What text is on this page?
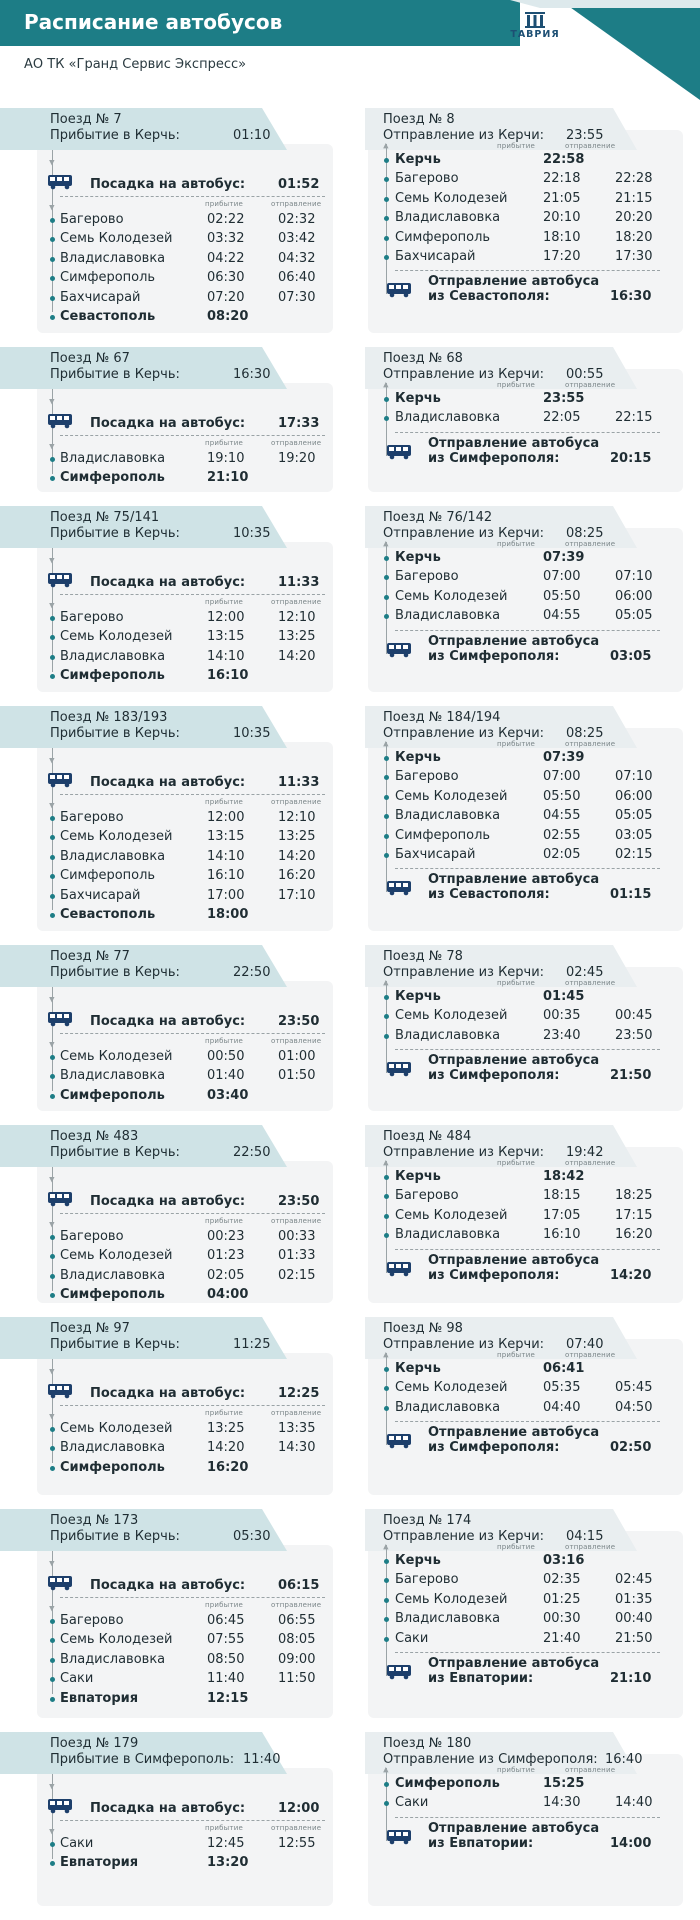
Расписание автобусов
АО ТК «Гранд Сервис Экспресс»
ТАВРИЯ
Поезд № 7
Прибытие в Керчь:	01:10
▼
Посадка на автобус:	01:52
прибытие	отправление
▼
Багерово	02:22	02:32
Семь Колодезей	03:32	03:42
Владиславовка	04:22	04:32
Симферополь	06:30	06:40
Бахчисарай	07:20	07:30
Севастополь	08:20
Поезд № 8
Отправление из Керчи: 23:55
прибытие	отправление
▲
Керчь	22:58
Багерово	22:18	22:28
Семь Колодезей	21:05	21:15
Владиславовка	20:10	20:20
Симферополь	18:10	18:20
Бахчисарай	17:20	17:30
Отправление автобуса
из Севастополя:	16:30
Поезд № 67
Прибытие в Керчь:	16:30
▼
Посадка на автобус:	17:33
прибытие	отправление
▼
Владиславовка	19:10	19:20
Симферополь	21:10
Поезд № 68
Отправление из Керчи: 00:55
прибытие	отправление
▲
Керчь	23:55
Владиславовка	22:05	22:15
Отправление автобуса
из Симферополя:	20:15
Поезд № 75/141
Прибытие в Керчь:	10:35
▼
Посадка на автобус:	11:33
прибытие	отправление
▼
Багерово	12:00	12:10
Семь Колодезей	13:15	13:25
Владиславовка	14:10	14:20
Симферополь	16:10
Поезд № 76/142
Отправление из Керчи: 08:25
прибытие	отправление
▲
Керчь	07:39
Багерово	07:00	07:10
Семь Колодезей	05:50	06:00
Владиславовка	04:55	05:05
Отправление автобуса
из Симферополя:	03:05
Поезд № 183/193
Прибытие в Керчь:	10:35
▼
Посадка на автобус:	11:33
прибытие	отправление
▼
Багерово	12:00	12:10
Семь Колодезей	13:15	13:25
Владиславовка	14:10	14:20
Симферополь	16:10	16:20
Бахчисарай	17:00	17:10
Севастополь	18:00
Поезд № 184/194
Отправление из Керчи: 08:25
прибытие	отправление
▲
Керчь	07:39
Багерово	07:00	07:10
Семь Колодезей	05:50	06:00
Владиславовка	04:55	05:05
Симферополь	02:55	03:05
Бахчисарай	02:05	02:15
Отправление автобуса
из Севастополя:	01:15
Поезд № 77
Прибытие в Керчь:	22:50
▼
Посадка на автобус:	23:50
прибытие	отправление
▼
Семь Колодезей	00:50	01:00
Владиславовка	01:40	01:50
Симферополь	03:40
Поезд № 78
Отправление из Керчи: 02:45
прибытие	отправление
▲
Керчь	01:45
Семь Колодезей	00:35	00:45
Владиславовка	23:40	23:50
Отправление автобуса
из Симферополя:	21:50
Поезд № 483
Прибытие в Керчь:	22:50
▼
Посадка на автобус:	23:50
прибытие	отправление
▼
Багерово	00:23	00:33
Семь Колодезей	01:23	01:33
Владиславовка	02:05	02:15
Симферополь	04:00
Поезд № 484
Отправление из Керчи: 19:42
прибытие	отправление
▲
Керчь	18:42
Багерово	18:15	18:25
Семь Колодезей	17:05	17:15
Владиславовка	16:10	16:20
Отправление автобуса
из Симферополя:	14:20
Поезд № 97
Прибытие в Керчь:	11:25
▼
Посадка на автобус:	12:25
прибытие	отправление
▼
Семь Колодезей	13:25	13:35
Владиславовка	14:20	14:30
Симферополь	16:20
Поезд № 98
Отправление из Керчи: 07:40
прибытие	отправление
▲
Керчь	06:41
Семь Колодезей	05:35	05:45
Владиславовка	04:40	04:50
Отправление автобуса
из Симферополя:	02:50
Поезд № 173
Прибытие в Керчь:	05:30
▼
Посадка на автобус:	06:15
прибытие	отправление
▼
Багерово	06:45	06:55
Семь Колодезей	07:55	08:05
Владиславовка	08:50	09:00
Саки	11:40	11:50
Евпатория	12:15
Поезд № 174
Отправление из Керчи: 04:15
прибытие	отправление
▲
Керчь	03:16
Багерово	02:35	02:45
Семь Колодезей	01:25	01:35
Владиславовка	00:30	00:40
Саки	21:40	21:50
Отправление автобуса
из Евпатории:	21:10
Поезд № 179
Прибытие в Симферополь: 11:40
▼
Посадка на автобус:	12:00
прибытие	отправление
▼
Саки	12:45	12:55
Евпатория	13:20
Поезд № 180
Отправление из Симферополя: 16:40
прибытие	отправление
▲
Симферополь	15:25
Саки	14:30	14:40
Отправление автобуса
из Евпатории:	14:00
